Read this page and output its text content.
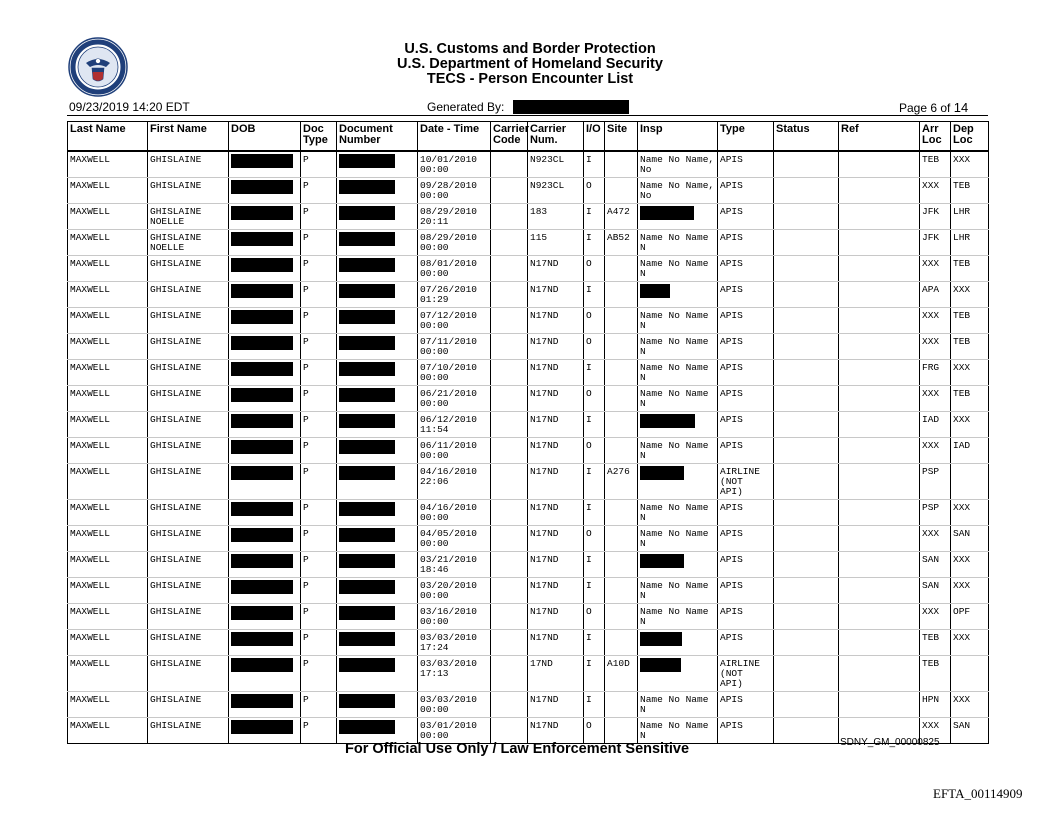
U.S. Customs and Border Protection
U.S. Department of Homeland Security
TECS - Person Encounter List
09/23/2019 14:20 EDT	Generated By:	Page 6 of 14
Last Name	First Name	DOB	Doc Type	Document Number	Date - Time	Carrier Code	Carrier Num.	I/O	Site	Insp	Type	Status	Ref	Arr Loc	Dep Loc
MAXWELL	GHISLAINE		P		10/01/2010 00:00		N923CL	I		Name No Name, No	APIS			TEB	XXX
MAXWELL	GHISLAINE		P		09/28/2010 00:00		N923CL	O		Name No Name, No	APIS			XXX	TEB
MAXWELL	GHISLAINE NOELLE		P		08/29/2010 20:11		183	I	A472		APIS			JFK	LHR
MAXWELL	GHISLAINE NOELLE		P		08/29/2010 00:00		115	I	AB52	Name No Name N	APIS			JFK	LHR
MAXWELL	GHISLAINE		P		08/01/2010 00:00		N17ND	O		Name No Name N	APIS			XXX	TEB
MAXWELL	GHISLAINE		P		07/26/2010 01:29		N17ND	I			APIS			APA	XXX
MAXWELL	GHISLAINE		P		07/12/2010 00:00		N17ND	O		Name No Name N	APIS			XXX	TEB
MAXWELL	GHISLAINE		P		07/11/2010 00:00		N17ND	O		Name No Name N	APIS			XXX	TEB
MAXWELL	GHISLAINE		P		07/10/2010 00:00		N17ND	I		Name No Name N	APIS			FRG	XXX
MAXWELL	GHISLAINE		P		06/21/2010 00:00		N17ND	O		Name No Name N	APIS			XXX	TEB
MAXWELL	GHISLAINE		P		06/12/2010 11:54		N17ND	I			APIS			IAD	XXX
MAXWELL	GHISLAINE		P		06/11/2010 00:00		N17ND	O		Name No Name N	APIS			XXX	IAD
MAXWELL	GHISLAINE		P		04/16/2010 22:06		N17ND	I	A276		AIRLINE (NOT API)			PSP	
MAXWELL	GHISLAINE		P		04/16/2010 00:00		N17ND	I		Name No Name N	APIS			PSP	XXX
MAXWELL	GHISLAINE		P		04/05/2010 00:00		N17ND	O		Name No Name N	APIS			XXX	SAN
MAXWELL	GHISLAINE		P		03/21/2010 18:46		N17ND	I			APIS			SAN	XXX
MAXWELL	GHISLAINE		P		03/20/2010 00:00		N17ND	I		Name No Name N	APIS			SAN	XXX
MAXWELL	GHISLAINE		P		03/16/2010 00:00		N17ND	O		Name No Name N	APIS			XXX	OPF
MAXWELL	GHISLAINE		P		03/03/2010 17:24		N17ND	I			APIS			TEB	XXX
MAXWELL	GHISLAINE		P		03/03/2010 17:13		17ND	I	A10D		AIRLINE (NOT API)			TEB	
MAXWELL	GHISLAINE		P		03/03/2010 00:00		N17ND	I		Name No Name N	APIS			HPN	XXX
MAXWELL	GHISLAINE		P		03/01/2010 00:00		N17ND	O		Name No Name N	APIS			XXX	SAN
For Official Use Only / Law Enforcement Sensitive	SDNY_GM_00000825
EFTA_00114909
